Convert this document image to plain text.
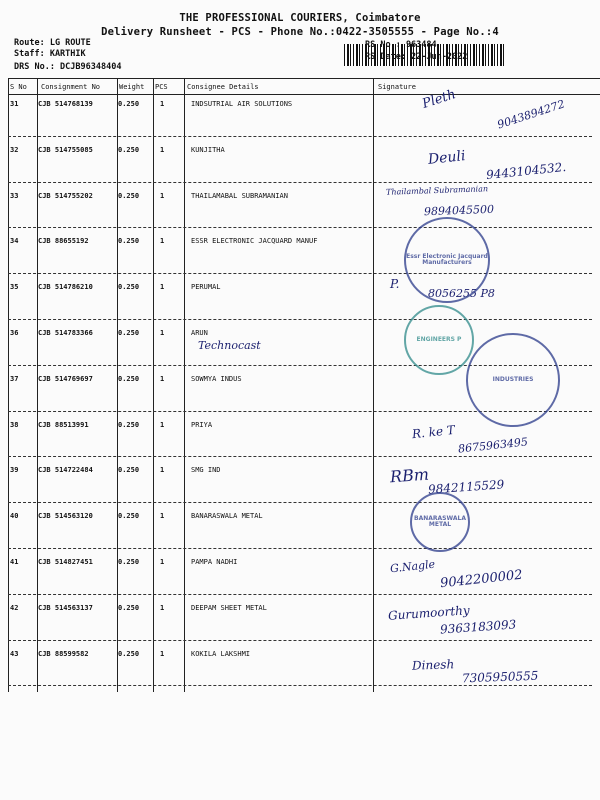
THE PROFESSIONAL COURIERS, Coimbatore
Delivery Runsheet - PCS - Phone No.:0422-3505555 - Page No.:4
Route: LG ROUTE
Staff: KARTHIK
DRS No.: DCJB96348404
RS No.: 963484
RS Date: 22-Jun-2022
S No Consignment No	Weight PCS	Consignee Details	Signature
31	CJB 514768139	0.250	1	INDSUTRIAL AIR SOLUTIONS	Pleth	9043894272
32	CJB 514755085	0.250	1	KUNJITHA	Deuli
9443104532.
33	CJB 514755202	0.250	1	THAILAMABAL SUBRAMANIAN	Thailambal Subramanian
9894045500
34	CJB 88655192	0.250	1	ESSR ELECTRONIC JACQUARD MANUF
35	CJB 514786210	0.250	1	PERUMAL	P.
8056255 P8
36	CJB 514783366	0.250	1	ARUN
Technocast
37	CJB 514769697	0.250	1	SOWMYA INDUS
38	CJB 88513991	0.250	1	PRIYA	R. ke T
8675963495
39	CJB 514722484	0.250	1	SMG IND	RBm
9842115529
40	CJB 514563120	0.250	1	BANARASWALA METAL
41	CJB 514827451	0.250	1	PAMPA NADHI	G.Nagle
9042200002
42	CJB 514563137	0.250	1	DEEPAM SHEET METAL	Gurumoorthy
9363183093
43	CJB 88599582	0.250	1	KOKILA LAKSHMI
Dinesh
7305950555
Essr Electronic Jacquard Manufacturers
ENGINEERS P
INDUSTRIES
BANARASWALA METAL
